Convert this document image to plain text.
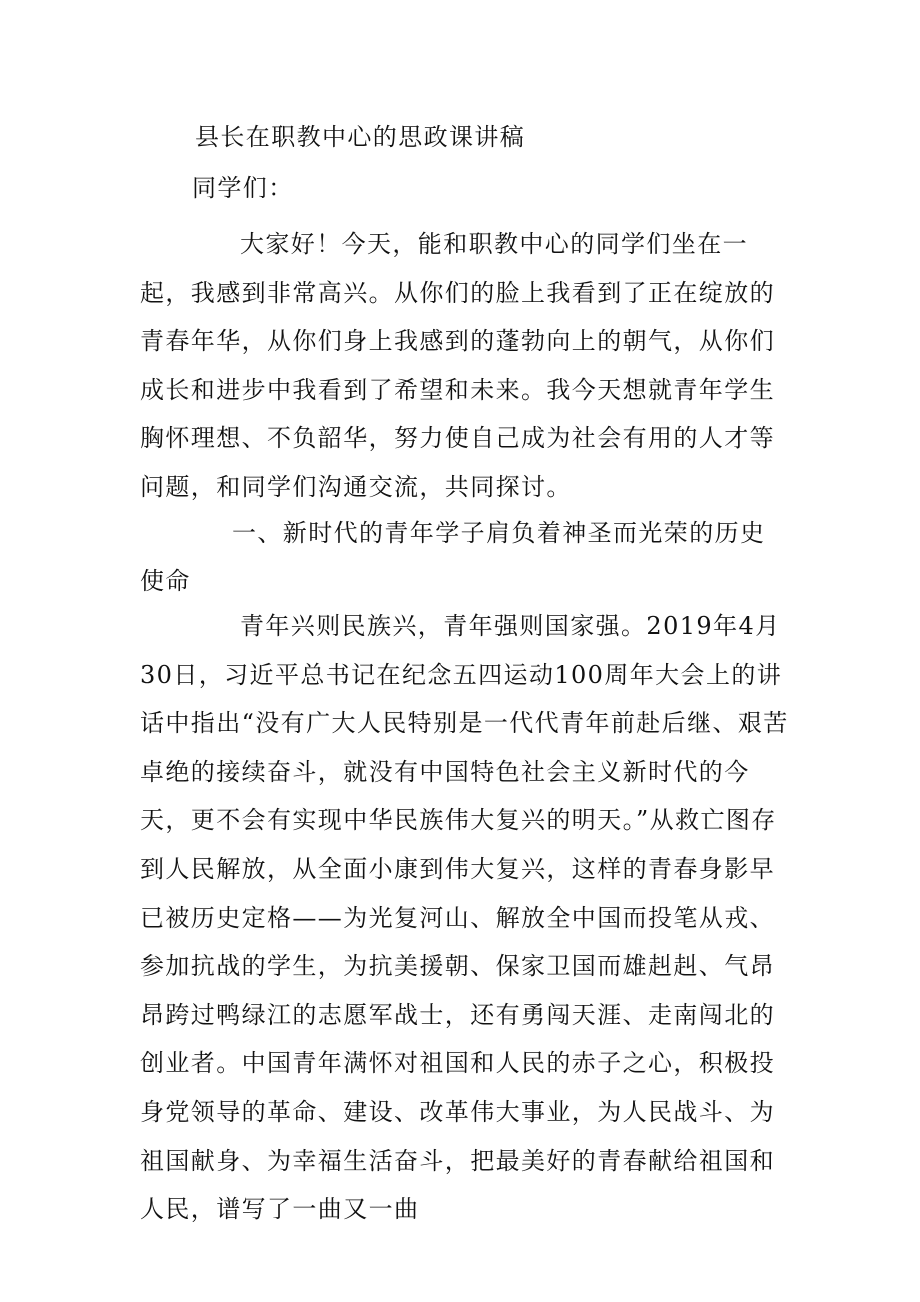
县长在职教中心的思政课讲稿

同学们：

大家好！今天，能和职教中心的同学们坐在一起，我感到非常高兴。从你们的脸上我看到了正在绽放的青春年华，从你们身上我感到的蓬勃向上的朝气，从你们成长和进步中我看到了希望和未来。我今天想就青年学生胸怀理想、不负韶华，努力使自己成为社会有用的人才等问题，和同学们沟通交流，共同探讨。

一、新时代的青年学子肩负着神圣而光荣的历史使命

青年兴则民族兴，青年强则国家强。2019年4月30日，习近平总书记在纪念五四运动100周年大会上的讲话中指出“没有广大人民特别是一代代青年前赴后继、艰苦卓绝的接续奋斗，就没有中国特色社会主义新时代的今天，更不会有实现中华民族伟大复兴的明天。”从救亡图存到人民解放，从全面小康到伟大复兴，这样的青春身影早已被历史定格——为光复河山、解放全中国而投笔从戎、参加抗战的学生，为抗美援朝、保家卫国而雄赳赳、气昂昂跨过鸭绿江的志愿军战士，还有勇闯天涯、走南闯北的创业者。中国青年满怀对祖国和人民的赤子之心，积极投身党领导的革命、建设、改革伟大事业，为人民战斗、为祖国献身、为幸福生活奋斗，把最美好的青春献给祖国和人民，谱写了一曲又一曲
